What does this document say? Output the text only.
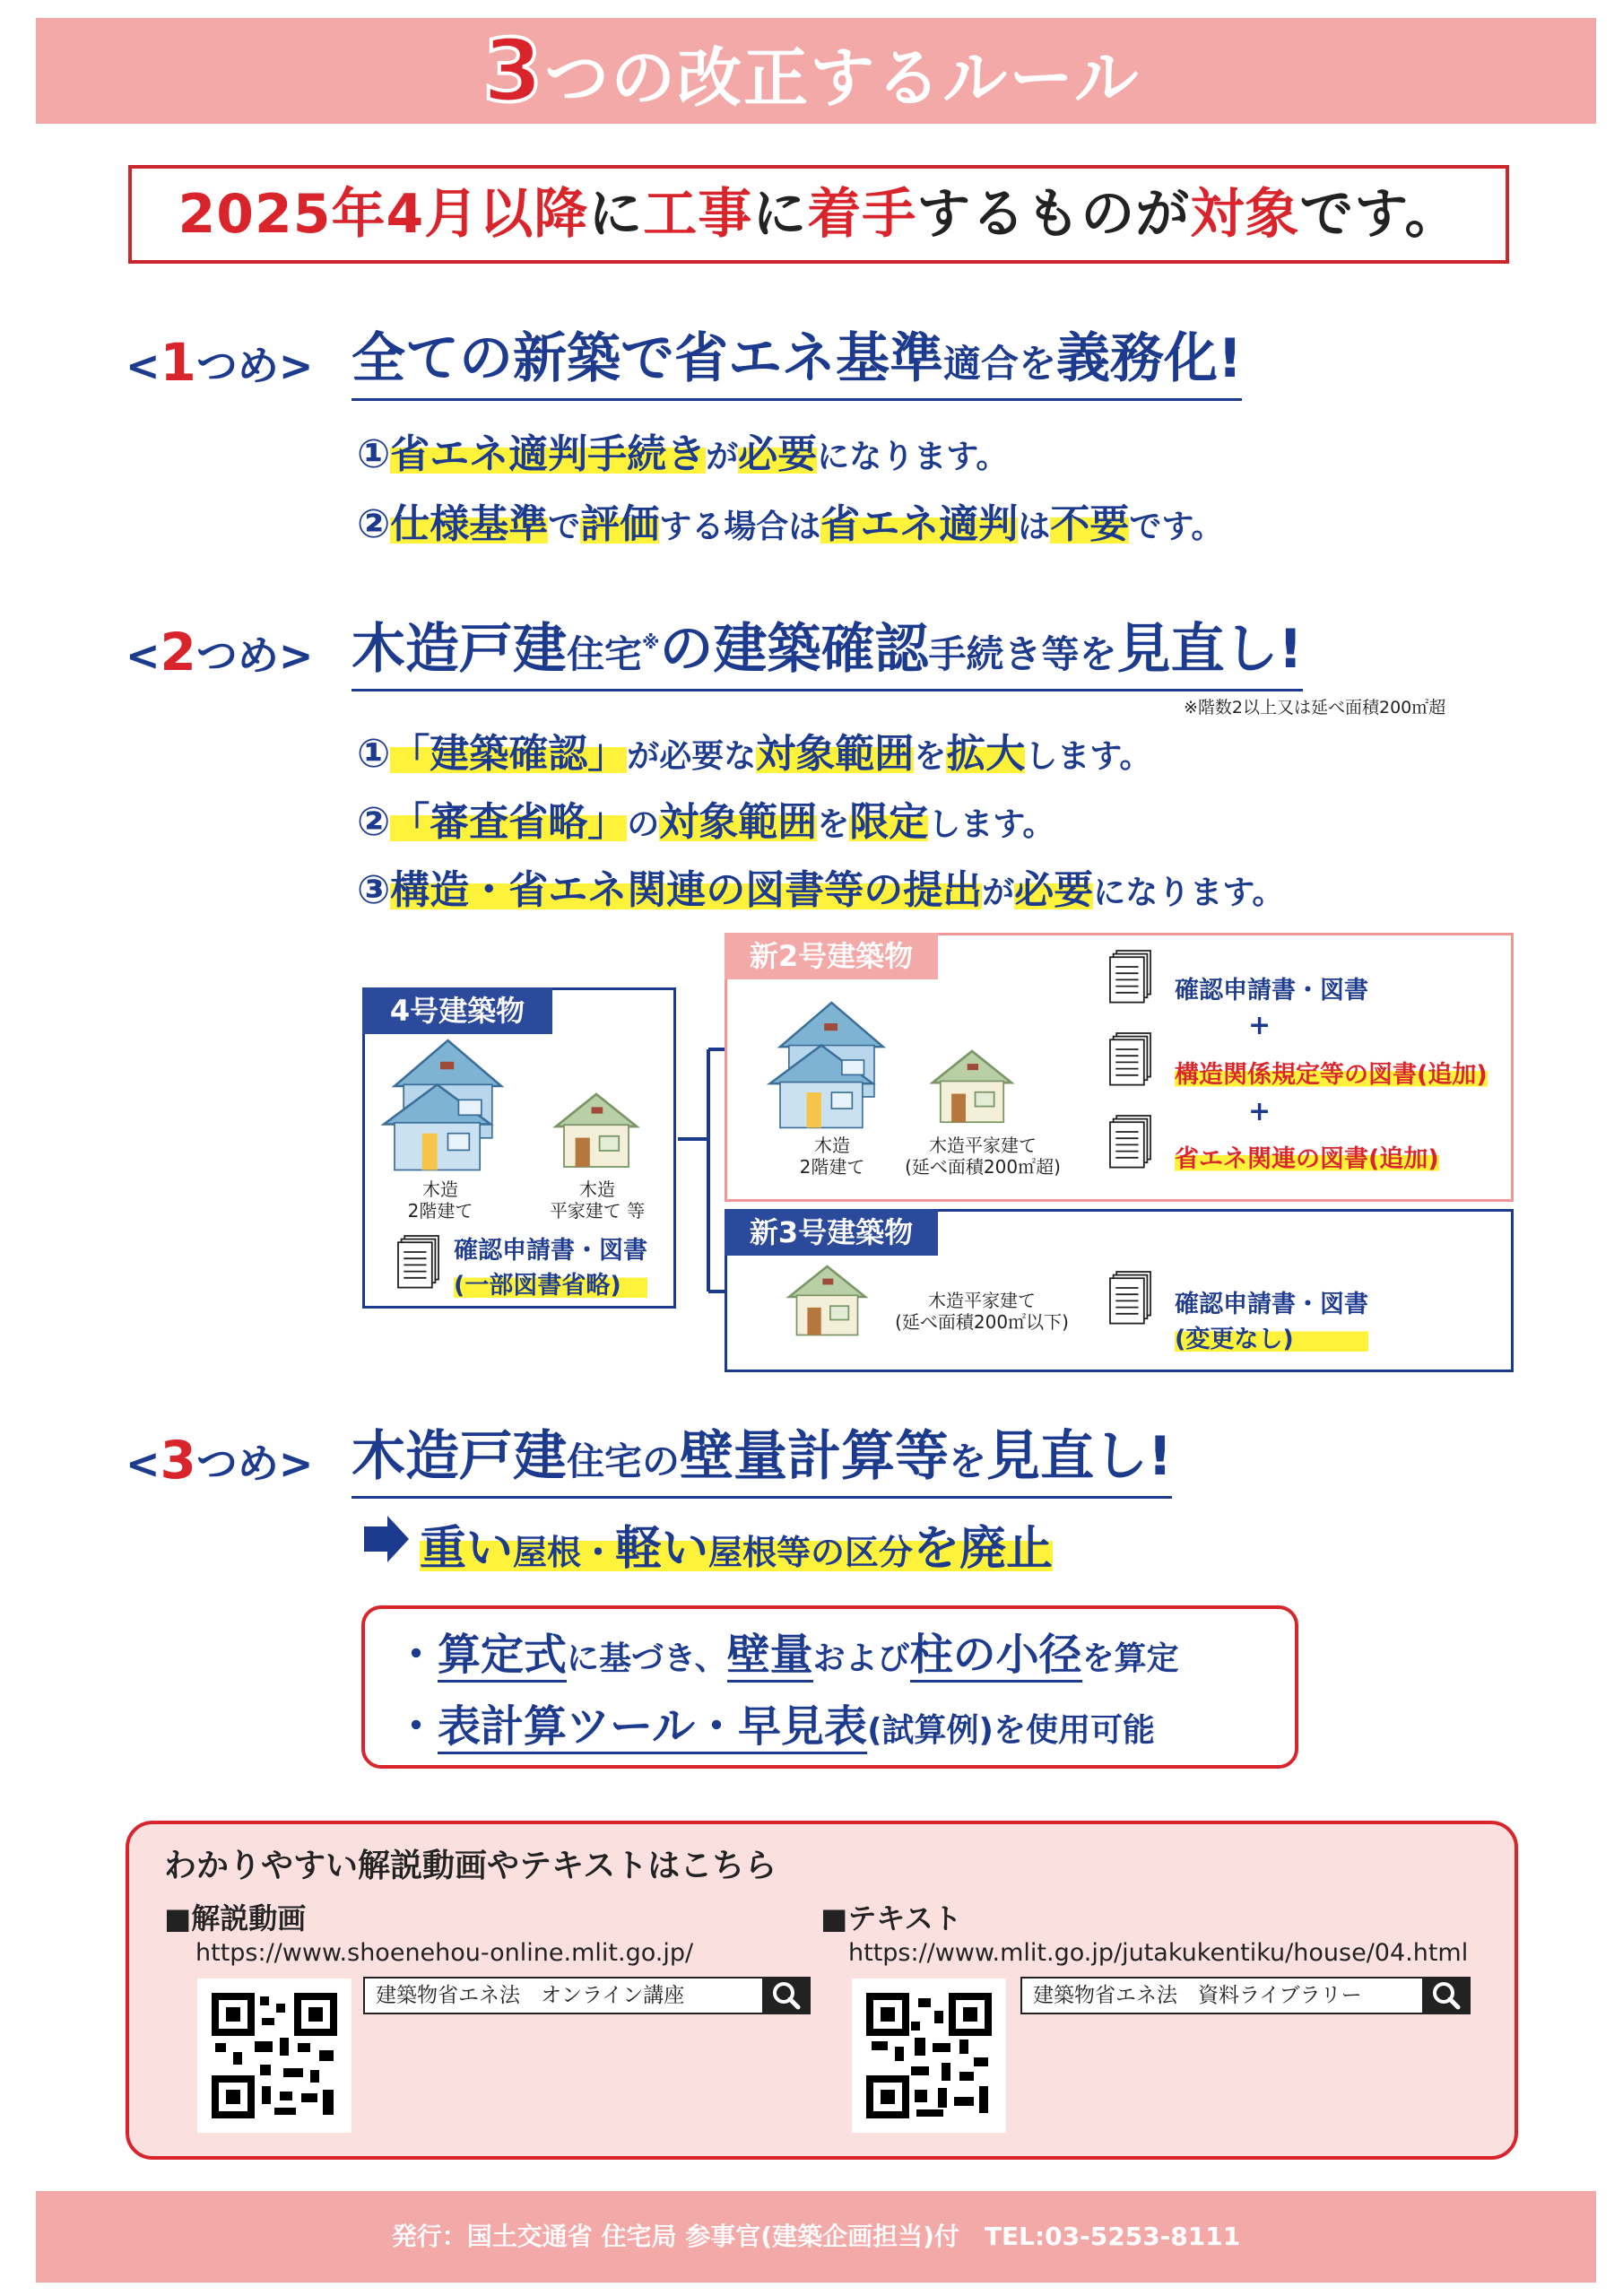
3つの改正するルール
2025年4月以降に工事に着手するものが対象です。
<1つめ> 全ての新築で省エネ基準適合を義務化!
①省エネ適判手続きが必要になります。
②仕様基準で評価する場合は省エネ適判は不要です。
<2つめ> 木造戸建住宅※の建築確認手続き等を見直し!
※階数2以上又は延べ面積200㎡超
①「建築確認」が必要な対象範囲を拡大します。
②「審査省略」の対象範囲を限定します。
③構造・省エネ関連の図書等の提出が必要になります。
4号建築物
木造
2階建て
木造
平家建て 等
確認申請書・図書
(一部図書省略)
新2号建築物
木造
2階建て
木造平家建て
(延べ面積200㎡超)
確認申請書・図書
+
構造関係規定等の図書(追加)
+
省エネ関連の図書(追加)
新3号建築物
木造平家建て
(延べ面積200㎡以下)
確認申請書・図書
(変更なし)
<3つめ> 木造戸建住宅の壁量計算等を見直し!
重い屋根・軽い屋根等の区分を廃止
・算定式に基づき、壁量および柱の小径を算定
・表計算ツール・早見表(試算例)を使用可能
わかりやすい解説動画やテキストはこちら
■解説動画
https://www.shoenehou-online.mlit.go.jp/
建築物省エネ法　オンライン講座
■テキスト
https://www.mlit.go.jp/jutakukentiku/house/04.html
建築物省エネ法　資料ライブラリー
発行：国土交通省 住宅局 参事官(建築企画担当)付　TEL:03-5253-8111
